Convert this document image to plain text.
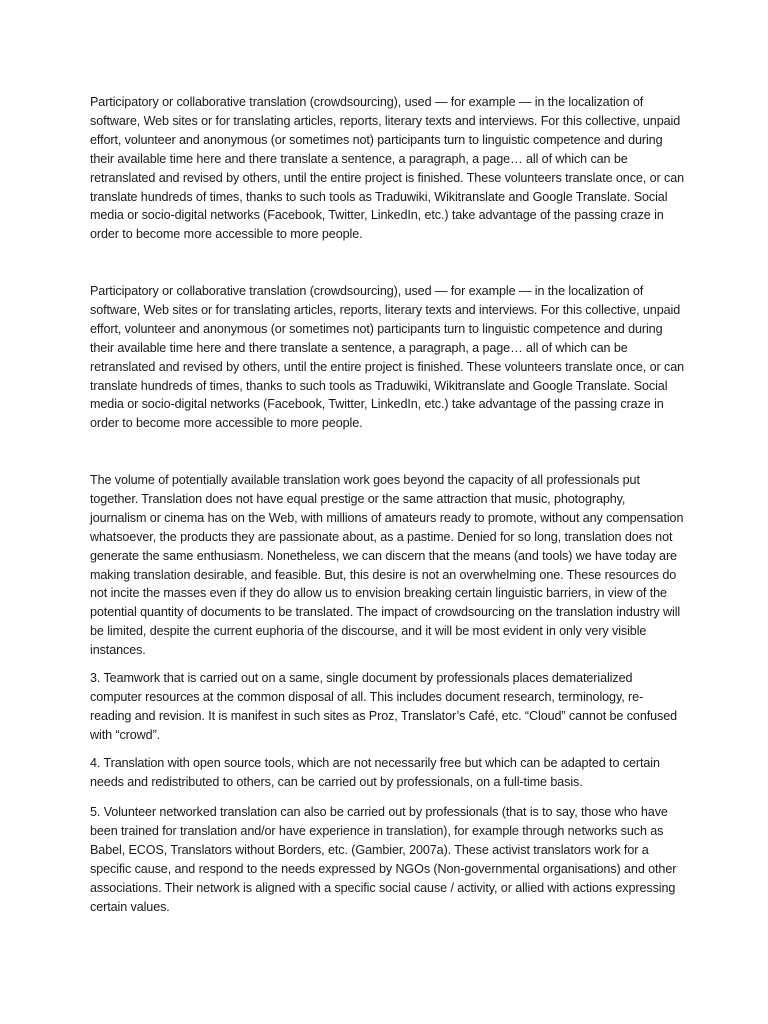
Participatory or collaborative translation (crowdsourcing), used — for example — in the localization of software, Web sites or for translating articles, reports, literary texts and interviews. For this collective, unpaid effort, volunteer and anonymous (or sometimes not) participants turn to linguistic competence and during their available time here and there translate a sentence, a paragraph, a page… all of which can be retranslated and revised by others, until the entire project is finished. These volunteers translate once, or can translate hundreds of times, thanks to such tools as Traduwiki, Wikitranslate and Google Translate. Social media or socio-digital networks (Facebook, Twitter, LinkedIn, etc.) take advantage of the passing craze in order to become more accessible to more people.

Participatory or collaborative translation (crowdsourcing), used — for example — in the localization of software, Web sites or for translating articles, reports, literary texts and interviews. For this collective, unpaid effort, volunteer and anonymous (or sometimes not) participants turn to linguistic competence and during their available time here and there translate a sentence, a paragraph, a page… all of which can be retranslated and revised by others, until the entire project is finished. These volunteers translate once, or can translate hundreds of times, thanks to such tools as Traduwiki, Wikitranslate and Google Translate. Social media or socio-digital networks (Facebook, Twitter, LinkedIn, etc.) take advantage of the passing craze in order to become more accessible to more people.

The volume of potentially available translation work goes beyond the capacity of all professionals put together. Translation does not have equal prestige or the same attraction that music, photography, journalism or cinema has on the Web, with millions of amateurs ready to promote, without any compensation whatsoever, the products they are passionate about, as a pastime. Denied for so long, translation does not generate the same enthusiasm. Nonetheless, we can discern that the means (and tools) we have today are making translation desirable, and feasible. But, this desire is not an overwhelming one. These resources do not incite the masses even if they do allow us to envision breaking certain linguistic barriers, in view of the potential quantity of documents to be translated. The impact of crowdsourcing on the translation industry will be limited, despite the current euphoria of the discourse, and it will be most evident in only very visible instances.

3. Teamwork that is carried out on a same, single document by professionals places dematerialized computer resources at the common disposal of all. This includes document research, terminology, re-reading and revision. It is manifest in such sites as Proz, Translator’s Café, etc. “Cloud” cannot be confused with “crowd”.

4. Translation with open source tools, which are not necessarily free but which can be adapted to certain needs and redistributed to others, can be carried out by professionals, on a full-time basis.

5. Volunteer networked translation can also be carried out by professionals (that is to say, those who have been trained for translation and/or have experience in translation), for example through networks such as Babel, ECOS, Translators without Borders, etc. (Gambier, 2007a). These activist translators work for a specific cause, and respond to the needs expressed by NGOs (Non-governmental organisations) and other associations. Their network is aligned with a specific social cause / activity, or allied with actions expressing certain values.
